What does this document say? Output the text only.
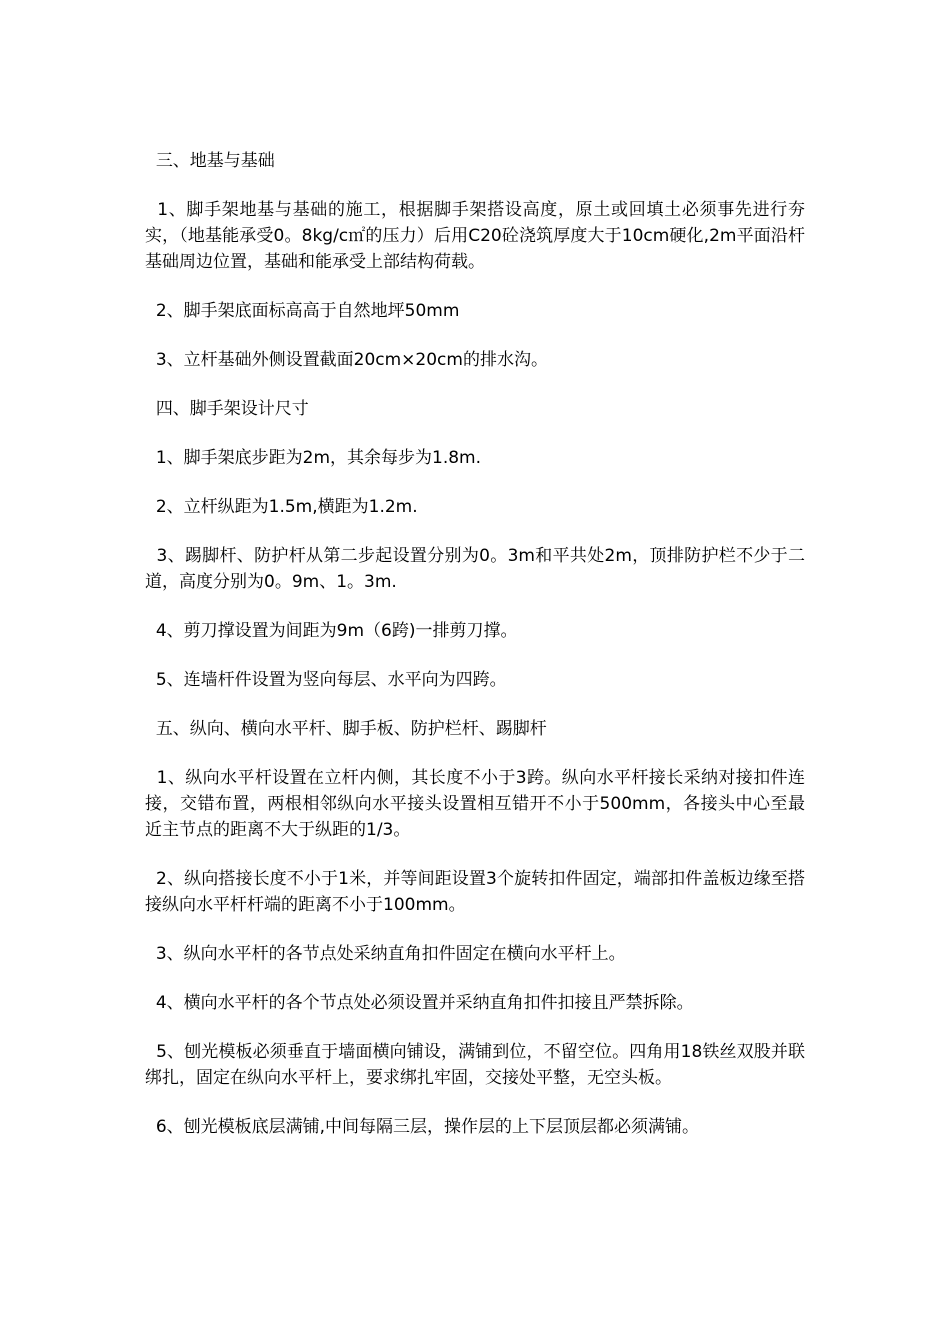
三、地基与基础

1、脚手架地基与基础的施工，根据脚手架搭设高度，原土或回填土必须事先进行夯实，（地基能承受0。8kg/c㎡的压力）后用C20砼浇筑厚度大于10cm硬化,2m平面沿杆基础周边位置，基础和能承受上部结构荷载。

2、脚手架底面标高高于自然地坪50mm

3、立杆基础外侧设置截面20cm×20cm的排水沟。

四、脚手架设计尺寸

1、脚手架底步距为2m，其余每步为1.8m.

2、立杆纵距为1.5m,横距为1.2m.

3、踢脚杆、防护杆从第二步起设置分别为0。3m和平共处2m，顶排防护栏不少于二道，高度分别为0。9m、1。3m.

4、剪刀撑设置为间距为9m（6跨)一排剪刀撑。

5、连墙杆件设置为竖向每层、水平向为四跨。

五、纵向、横向水平杆、脚手板、防护栏杆、踢脚杆

1、纵向水平杆设置在立杆内侧，其长度不小于3跨。纵向水平杆接长采纳对接扣件连接，交错布置，两根相邻纵向水平接头设置相互错开不小于500mm，各接头中心至最近主节点的距离不大于纵距的1/3。

2、纵向搭接长度不小于1米，并等间距设置3个旋转扣件固定，端部扣件盖板边缘至搭接纵向水平杆杆端的距离不小于100mm。

3、纵向水平杆的各节点处采纳直角扣件固定在横向水平杆上。

4、横向水平杆的各个节点处必须设置并采纳直角扣件扣接且严禁拆除。

5、刨光模板必须垂直于墙面横向铺设，满铺到位，不留空位。四角用18铁丝双股并联绑扎，固定在纵向水平杆上，要求绑扎牢固，交接处平整，无空头板。

6、刨光模板底层满铺,中间每隔三层，操作层的上下层顶层都必须满铺。
